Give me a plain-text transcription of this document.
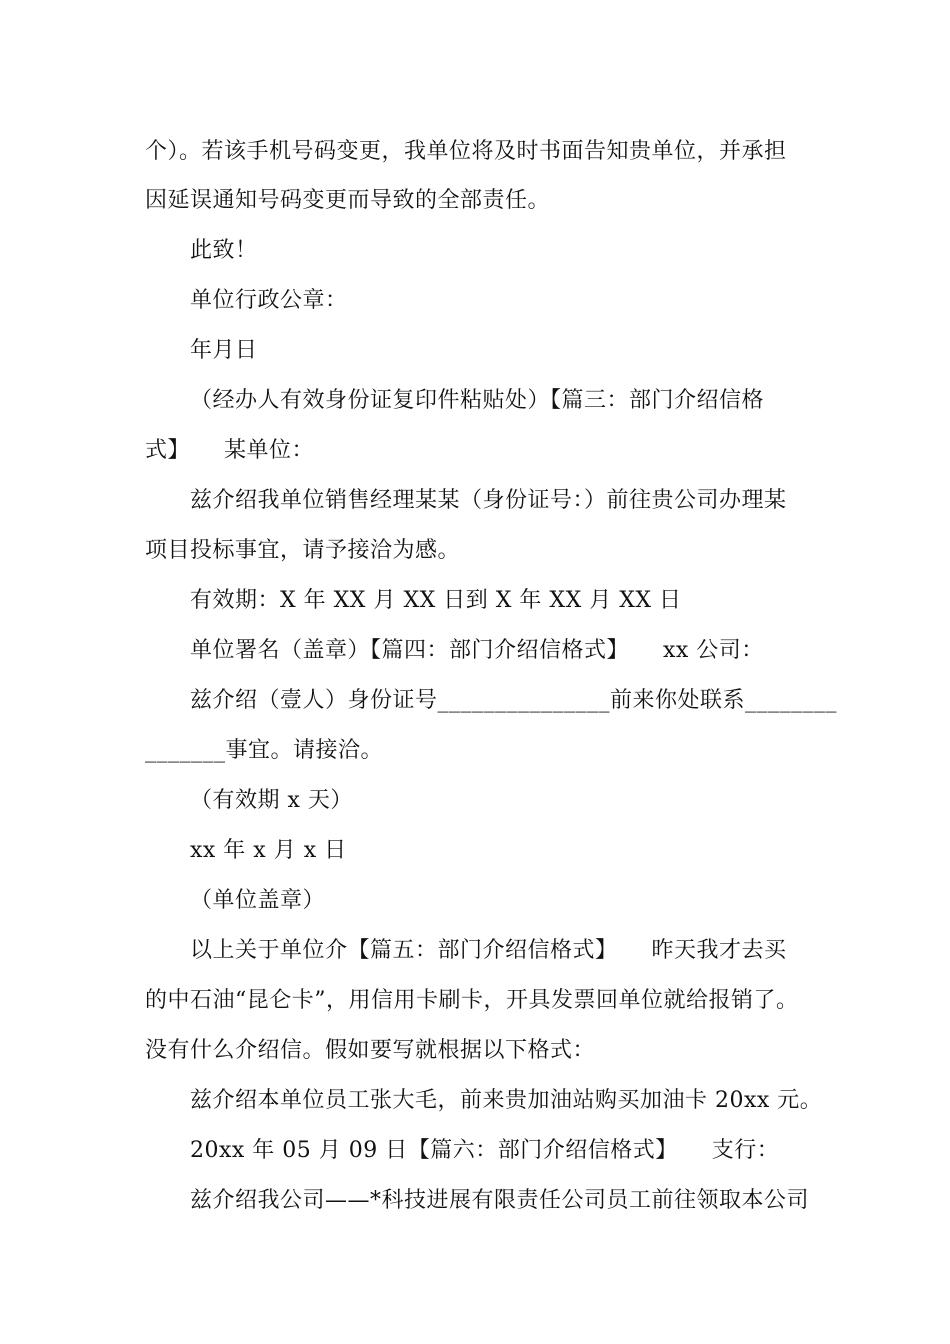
个）。若该手机号码变更，我单位将及时书面告知贵单位，并承担
因延误通知号码变更而导致的全部责任。
此致！
单位行政公章：
年月日
（经办人有效身份证复印件粘贴处）【篇三：部门介绍信格
式】　　某单位：
兹介绍我单位销售经理某某（身份证号：）前往贵公司办理某
项目投标事宜，请予接洽为感。
有效期：X 年 XX 月 XX 日到 X 年 XX 月 XX 日
单位署名（盖章）【篇四：部门介绍信格式】　　xx 公司：
兹介绍（壹人）身份证号_______________前来你处联系________
_______事宜。请接洽。
（有效期 x 天）
xx 年 x 月 x 日
（单位盖章）
以上关于单位介【篇五：部门介绍信格式】　　昨天我才去买
的中石油“昆仑卡”，用信用卡刷卡，开具发票回单位就给报销了。
没有什么介绍信。假如要写就根据以下格式：
兹介绍本单位员工张大毛，前来贵加油站购买加油卡 20xx 元。
20xx 年 05 月 09 日【篇六：部门介绍信格式】　　支行：
兹介绍我公司——*科技进展有限责任公司员工前往领取本公司
